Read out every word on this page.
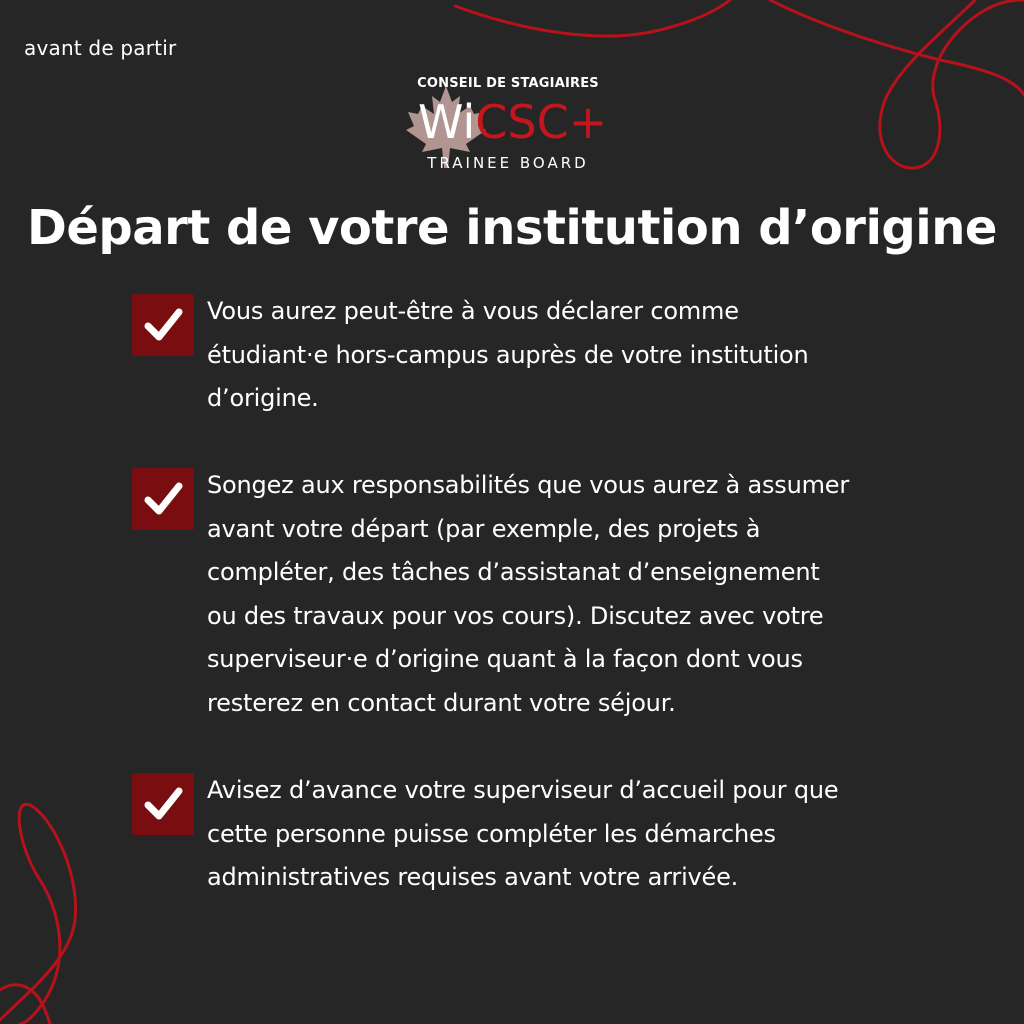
avant de partir
CONSEIL DE STAGIAIRES
WiCSC+
TRAINEE BOARD
Départ de votre institution d’origine
Vous aurez peut-être à vous déclarer comme
étudiant·e hors-campus auprès de votre institution
d’origine.
Songez aux responsabilités que vous aurez à assumer
avant votre départ (par exemple, des projets à
compléter, des tâches d’assistanat d’enseignement
ou des travaux pour vos cours). Discutez avec votre
superviseur·e d’origine quant à la façon dont vous
resterez en contact durant votre séjour.
Avisez d’avance votre superviseur d’accueil pour que
cette personne puisse compléter les démarches
administratives requises avant votre arrivée.
